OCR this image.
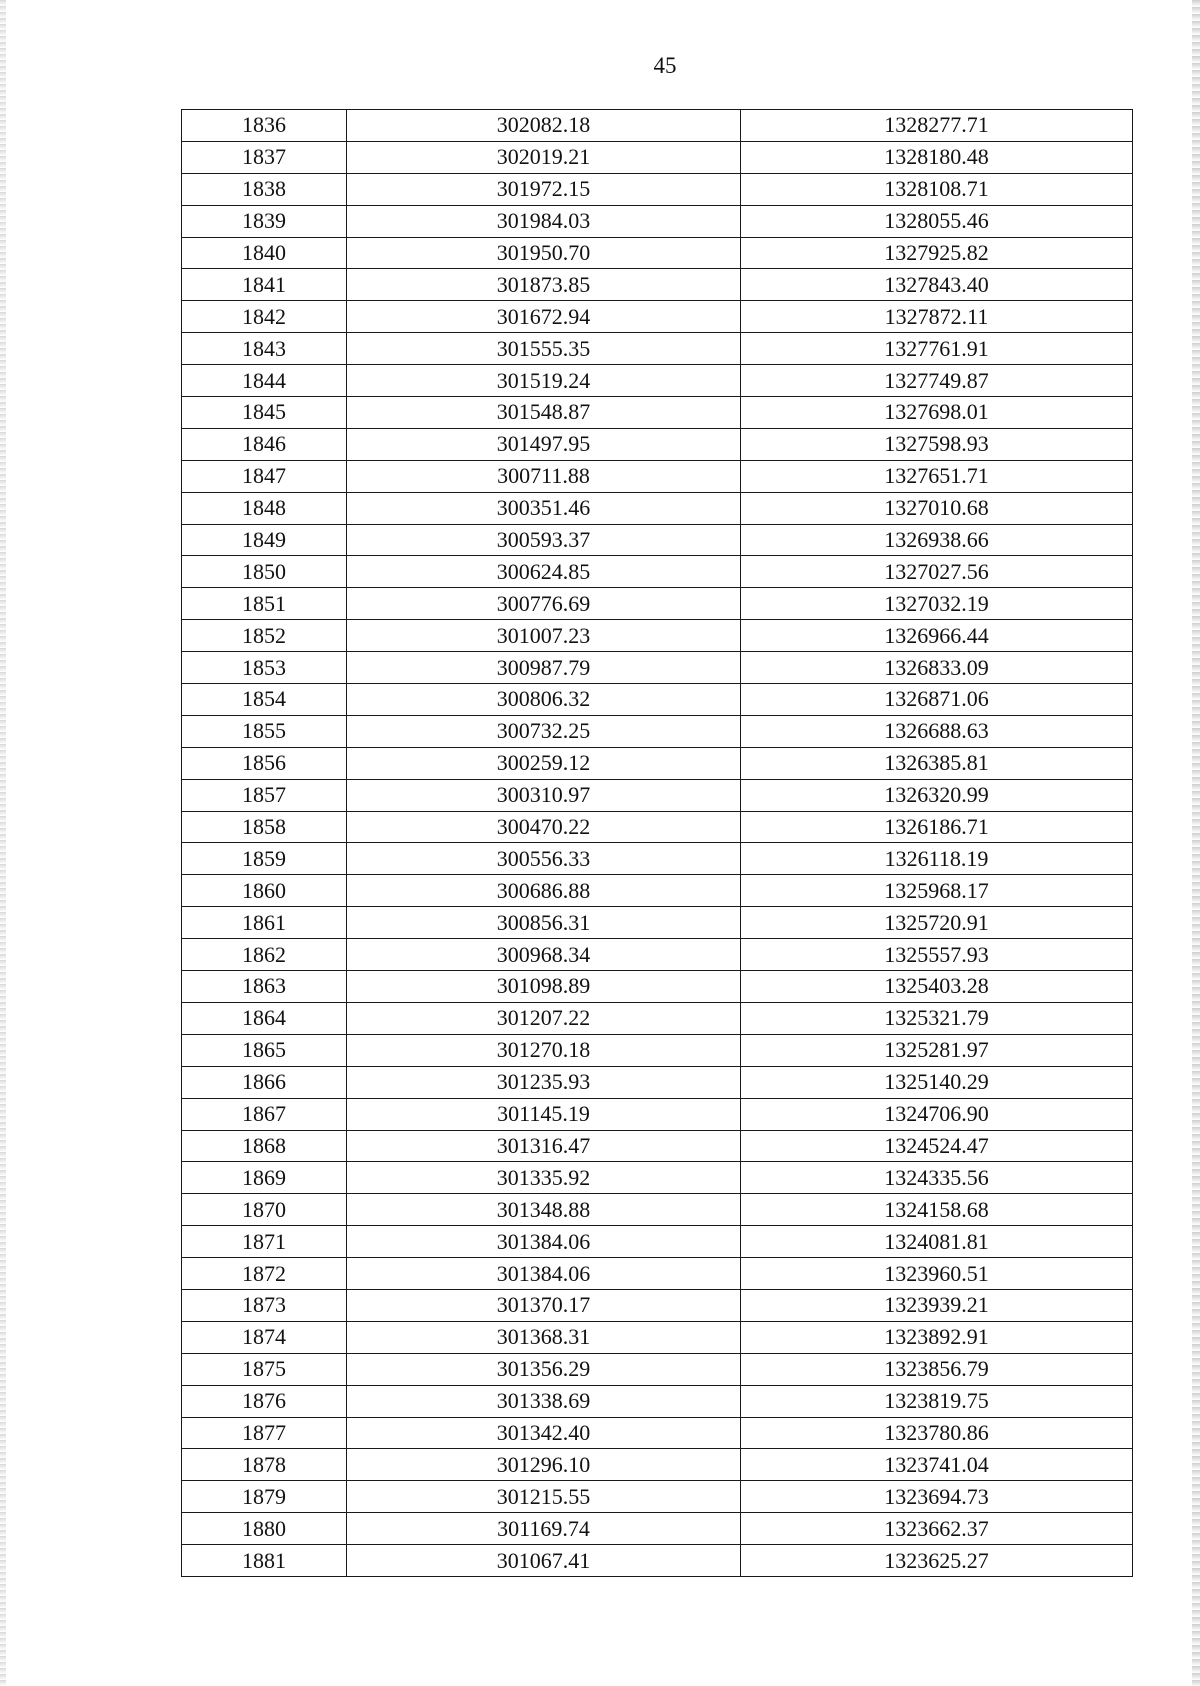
45
1836	302082.18	1328277.71
1837	302019.21	1328180.48
1838	301972.15	1328108.71
1839	301984.03	1328055.46
1840	301950.70	1327925.82
1841	301873.85	1327843.40
1842	301672.94	1327872.11
1843	301555.35	1327761.91
1844	301519.24	1327749.87
1845	301548.87	1327698.01
1846	301497.95	1327598.93
1847	300711.88	1327651.71
1848	300351.46	1327010.68
1849	300593.37	1326938.66
1850	300624.85	1327027.56
1851	300776.69	1327032.19
1852	301007.23	1326966.44
1853	300987.79	1326833.09
1854	300806.32	1326871.06
1855	300732.25	1326688.63
1856	300259.12	1326385.81
1857	300310.97	1326320.99
1858	300470.22	1326186.71
1859	300556.33	1326118.19
1860	300686.88	1325968.17
1861	300856.31	1325720.91
1862	300968.34	1325557.93
1863	301098.89	1325403.28
1864	301207.22	1325321.79
1865	301270.18	1325281.97
1866	301235.93	1325140.29
1867	301145.19	1324706.90
1868	301316.47	1324524.47
1869	301335.92	1324335.56
1870	301348.88	1324158.68
1871	301384.06	1324081.81
1872	301384.06	1323960.51
1873	301370.17	1323939.21
1874	301368.31	1323892.91
1875	301356.29	1323856.79
1876	301338.69	1323819.75
1877	301342.40	1323780.86
1878	301296.10	1323741.04
1879	301215.55	1323694.73
1880	301169.74	1323662.37
1881	301067.41	1323625.27
